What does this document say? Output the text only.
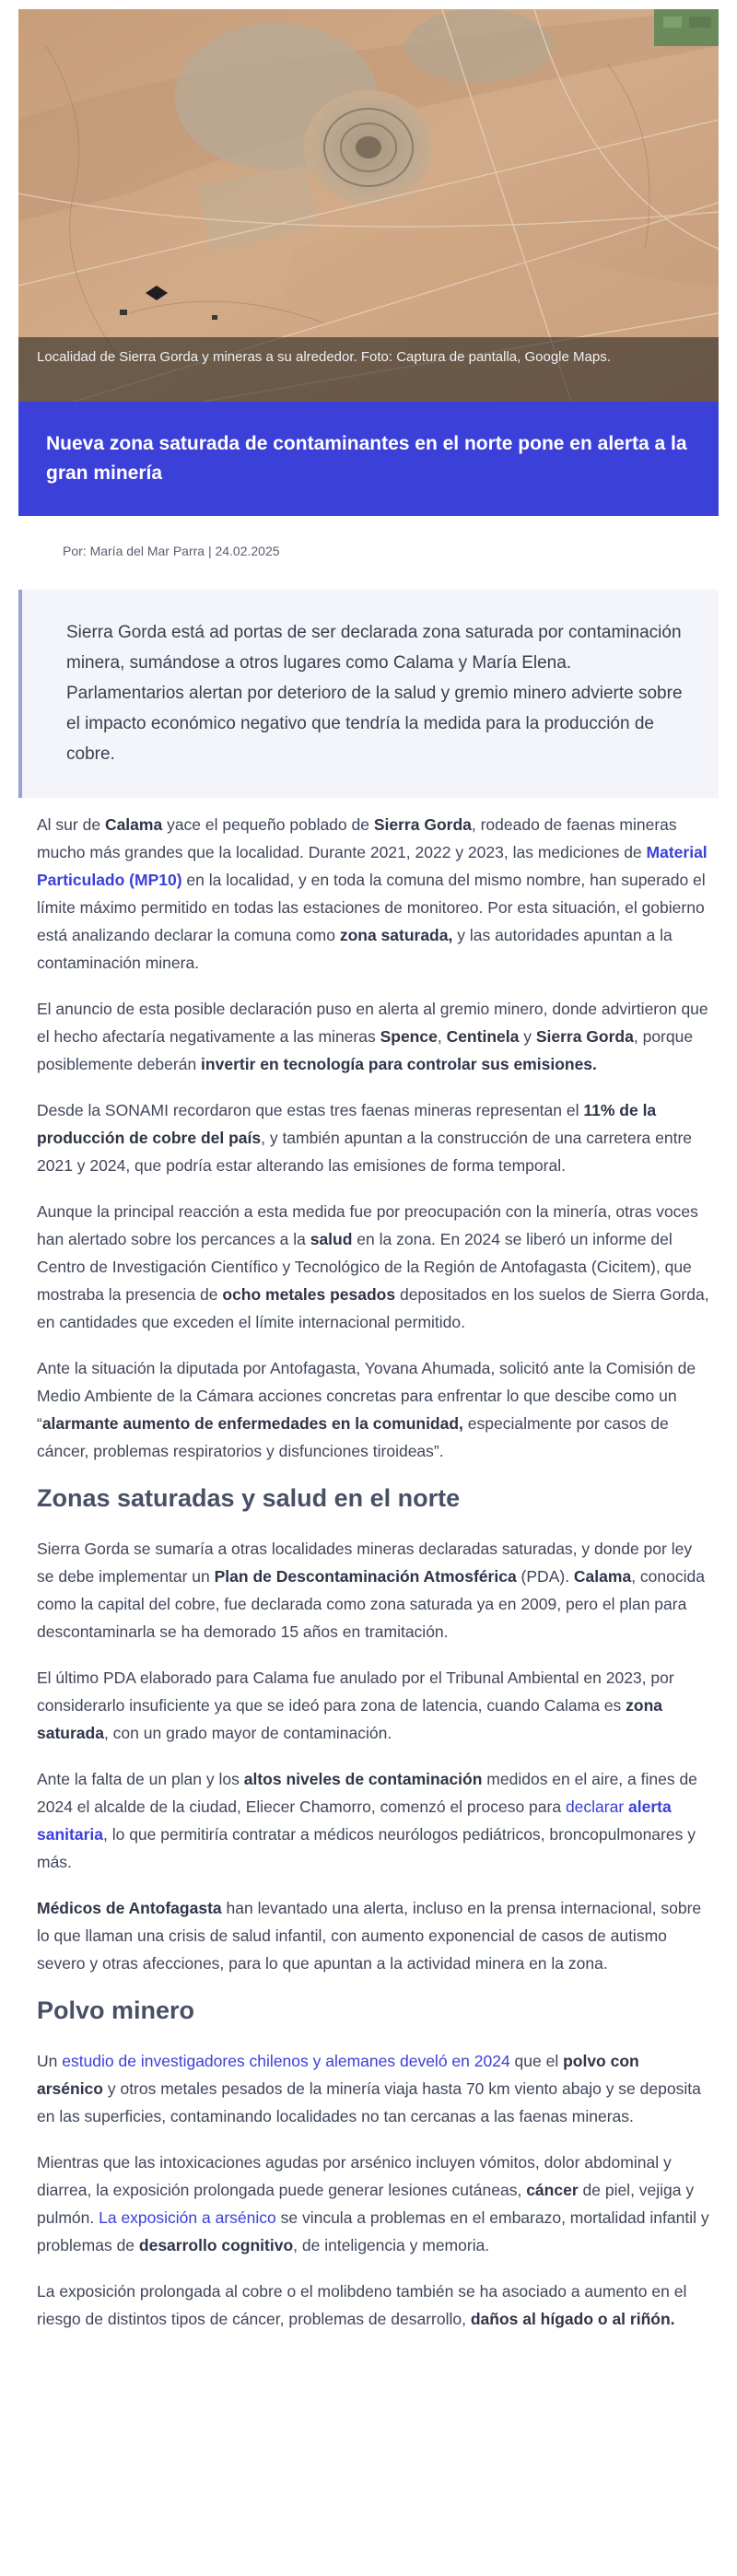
Localidad de Sierra Gorda y mineras a su alrededor. Foto: Captura de pantalla, Google Maps.
Nueva zona saturada de contaminantes en el norte pone en alerta a la gran minería
Por: María del Mar Parra | 24.02.2025

Sierra Gorda está ad portas de ser declarada zona saturada por contaminación minera, sumándose a otros lugares como Calama y María Elena. Parlamentarios alertan por deterioro de la salud y gremio minero advierte sobre el impacto económico negativo que tendría la medida para la producción de cobre.

Al sur de Calama yace el pequeño poblado de Sierra Gorda, rodeado de faenas mineras mucho más grandes que la localidad. Durante 2021, 2022 y 2023, las mediciones de Material Particulado (MP10) en la localidad, y en toda la comuna del mismo nombre, han superado el límite máximo permitido en todas las estaciones de monitoreo. Por esta situación, el gobierno está analizando declarar la comuna como zona saturada, y las autoridades apuntan a la contaminación minera.

El anuncio de esta posible declaración puso en alerta al gremio minero, donde advirtieron que el hecho afectaría negativamente a las mineras Spence, Centinela y Sierra Gorda, porque posiblemente deberán invertir en tecnología para controlar sus emisiones.

Desde la SONAMI recordaron que estas tres faenas mineras representan el 11% de la producción de cobre del país, y también apuntan a la construcción de una carretera entre 2021 y 2024, que podría estar alterando las emisiones de forma temporal.

Aunque la principal reacción a esta medida fue por preocupación con la minería, otras voces han alertado sobre los percances a la salud en la zona. En 2024 se liberó un informe del Centro de Investigación Científico y Tecnológico de la Región de Antofagasta (Cicitem), que mostraba la presencia de ocho metales pesados depositados en los suelos de Sierra Gorda, en cantidades que exceden el límite internacional permitido.

Ante la situación la diputada por Antofagasta, Yovana Ahumada, solicitó ante la Comisión de Medio Ambiente de la Cámara acciones concretas para enfrentar lo que descibe como un “alarmante aumento de enfermedades en la comunidad, especialmente por casos de cáncer, problemas respiratorios y disfunciones tiroideas”.

Zonas saturadas y salud en el norte

Sierra Gorda se sumaría a otras localidades mineras declaradas saturadas, y donde por ley se debe implementar un Plan de Descontaminación Atmosférica (PDA). Calama, conocida como la capital del cobre, fue declarada como zona saturada ya en 2009, pero el plan para descontaminarla se ha demorado 15 años en tramitación.

El último PDA elaborado para Calama fue anulado por el Tribunal Ambiental en 2023, por considerarlo insuficiente ya que se ideó para zona de latencia, cuando Calama es zona saturada, con un grado mayor de contaminación.

Ante la falta de un plan y los altos niveles de contaminación medidos en el aire, a fines de 2024 el alcalde de la ciudad, Eliecer Chamorro, comenzó el proceso para declarar alerta sanitaria, lo que permitiría contratar a médicos neurólogos pediátricos, broncopulmonares y más.

Médicos de Antofagasta han levantado una alerta, incluso en la prensa internacional, sobre lo que llaman una crisis de salud infantil, con aumento exponencial de casos de autismo severo y otras afecciones, para lo que apuntan a la actividad minera en la zona.

Polvo minero

Un estudio de investigadores chilenos y alemanes develó en 2024 que el polvo con arsénico y otros metales pesados de la minería viaja hasta 70 km viento abajo y se deposita en las superficies, contaminando localidades no tan cercanas a las faenas mineras.

Mientras que las intoxicaciones agudas por arsénico incluyen vómitos, dolor abdominal y diarrea, la exposición prolongada puede generar lesiones cutáneas, cáncer de piel, vejiga y pulmón. La exposición a arsénico se vincula a problemas en el embarazo, mortalidad infantil y problemas de desarrollo cognitivo, de inteligencia y memoria.

La exposición prolongada al cobre o el molibdeno también se ha asociado a aumento en el riesgo de distintos tipos de cáncer, problemas de desarrollo, daños al hígado o al riñón.
